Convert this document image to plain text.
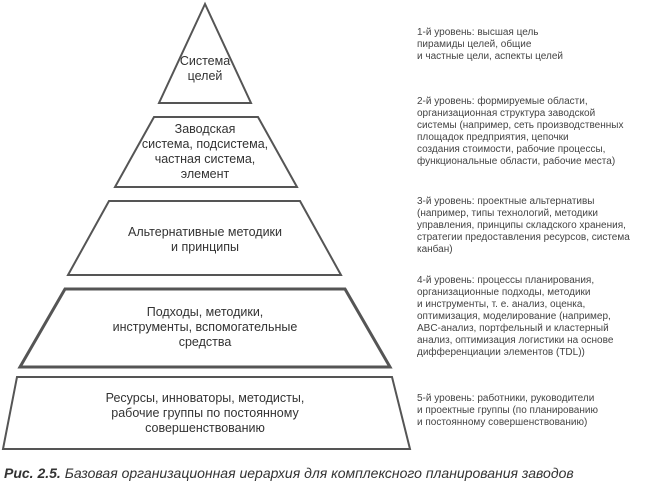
Система
целей
Заводская
система, подсистема,
частная система,
элемент
Альтернативные методики
и принципы
Подходы, методики,
инструменты, вспомогательные
средства
Ресурсы, инноваторы, методисты,
рабочие группы по постоянному
совершенствованию
1-й уровень: высшая цель
пирамиды целей, общие
и частные цели, аспекты целей
2-й уровень: формируемые области,
организационная структура заводской
системы (например, сеть производственных
площадок предприятия, цепочки
создания стоимости, рабочие процессы,
функциональные области, рабочие места)
3-й уровень: проектные альтернативы
(например, типы технологий, методики
управления, принципы складского хранения,
стратегии предоставления ресурсов, система
канбан)
4-й уровень: процессы планирования,
организационные подходы, методики
и инструменты, т. е. анализ, оценка,
оптимизация, моделирование (например,
ABC-анализ, портфельный и кластерный
анализ, оптимизация логистики на основе
дифференциации элементов (TDL))
5-й уровень: работники, руководители
и проектные группы (по планированию
и постоянному совершенствованию)
Рис. 2.5. Базовая организационная иерархия для комплексного планирования заводов
